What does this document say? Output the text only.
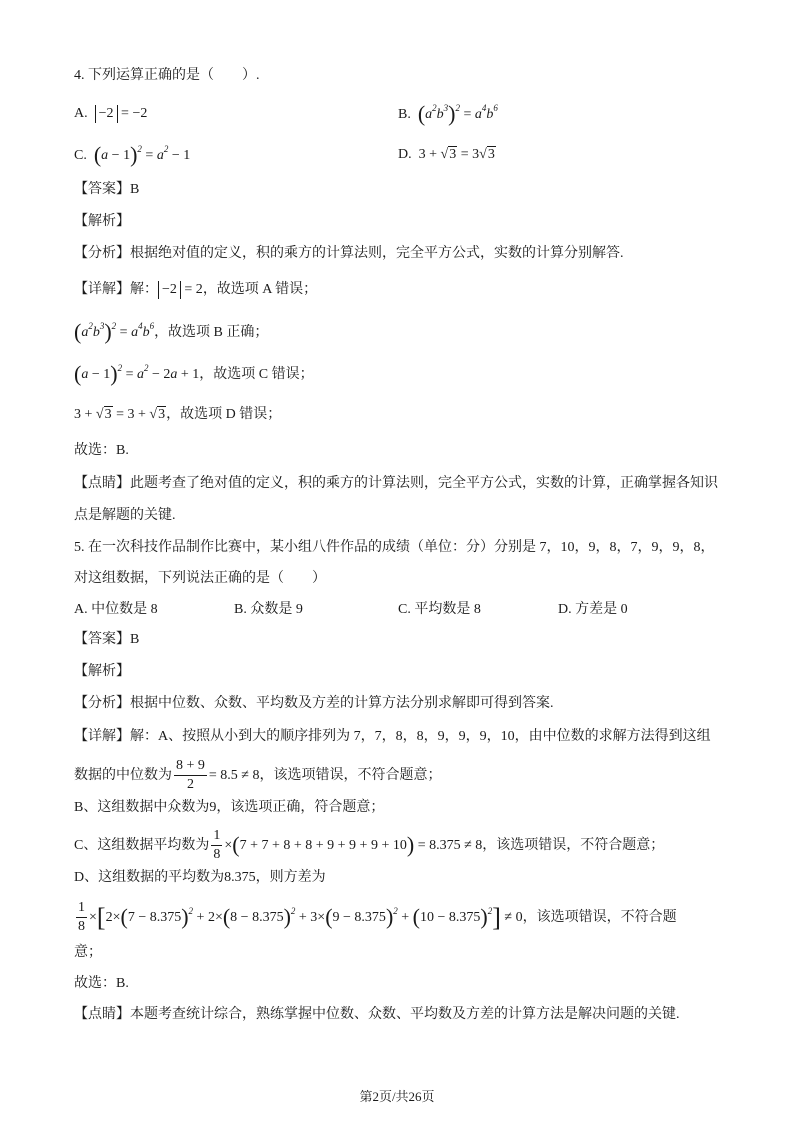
4. 下列运算正确的是（　　）.
A. −2 = −2	B. $(a^2b^3)^2 = a^4b^6$
C. $(a - 1)^2 = a^2 - 1$	D. 3 + √3 = 3√3
【答案】B
【解析】
【分析】根据绝对值的定义，积的乘方的计算法则，完全平方公式，实数的计算分别解答.
【详解】解： −2 = 2，故选项 A 错误；
$(a^2b^3)^2 = a^4b^6$，故选项 B 正确；
$(a - 1)^2 = a^2 - 2a + 1$，故选项 C 错误；
3 + √3 = 3 + √3，故选项 D 错误；
故选：B.
【点睛】此题考查了绝对值的定义，积的乘方的计算法则，完全平方公式，实数的计算，正确掌握各知识
点是解题的关键.
5. 在一次科技作品制作比赛中，某小组八件作品的成绩（单位：分）分别是 7，10，9，8，7，9，9，8，
对这组数据，下列说法正确的是（　　）
A. 中位数是 8	B. 众数是 9	C. 平均数是 8	D. 方差是 0
【答案】B
【解析】
【分析】根据中位数、众数、平均数及方差的计算方法分别求解即可得到答案.
【详解】解：A、按照从小到大的顺序排列为 7，7，8，8，9，9，9，10，由中位数的求解方法得到这组
数据的中位数为 $\frac{8 + 9}{2} = 8.5 \ne 8$，该选项错误，不符合题意；
B、这组数据中众数为9，该选项正确，符合题意；
C、这组数据平均数为 $\frac{1}{8} \times(7 + 7 + 8 + 8 + 9 + 9 + 9 + 10) = 8.375 \ne 8$，该选项错误，不符合题意；
D、这组数据的平均数为8.375，则方差为
$\frac{1}{8} \times[2\times(7 - 8.375)^2 + 2\times(8 - 8.375)^2 + 3\times(9 - 8.375)^2 + (10 - 8.375)^2] \ne 0$，该选项错误，不符合题
意；
故选：B.
【点睛】本题考查统计综合，熟练掌握中位数、众数、平均数及方差的计算方法是解决问题的关键.
第2页/共26页
